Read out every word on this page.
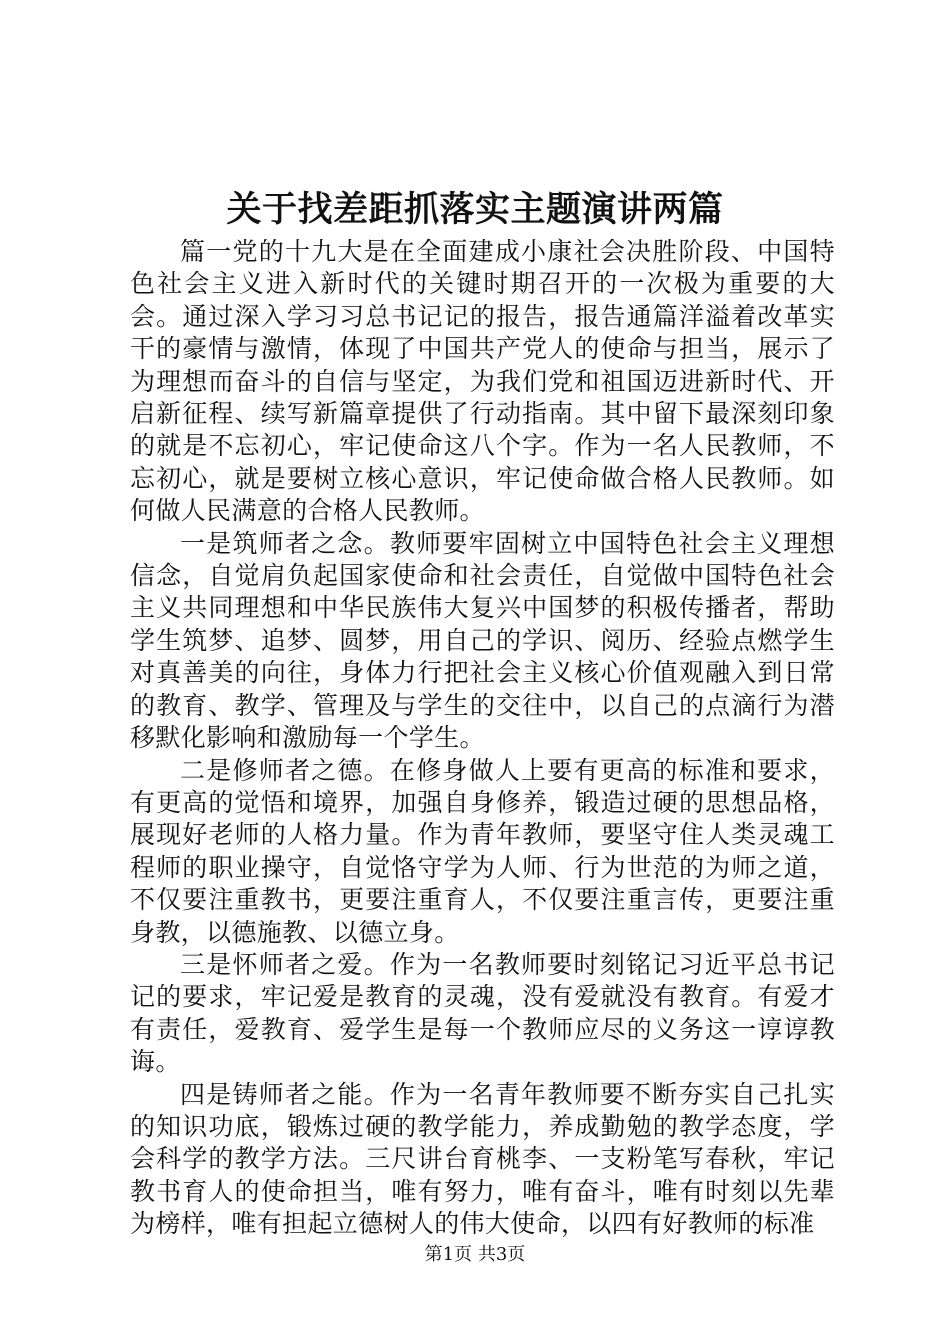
关于找差距抓落实主题演讲两篇

篇一党的十九大是在全面建成小康社会决胜阶段、中国特色社会主义进入新时代的关键时期召开的一次极为重要的大会。通过深入学习习总书记记的报告，报告通篇洋溢着改革实干的豪情与激情，体现了中国共产党人的使命与担当，展示了为理想而奋斗的自信与坚定，为我们党和祖国迈进新时代、开启新征程、续写新篇章提供了行动指南。其中留下最深刻印象的就是不忘初心，牢记使命这八个字。作为一名人民教师，不忘初心，就是要树立核心意识，牢记使命做合格人民教师。如何做人民满意的合格人民教师。

一是筑师者之念。教师要牢固树立中国特色社会主义理想信念，自觉肩负起国家使命和社会责任，自觉做中国特色社会主义共同理想和中华民族伟大复兴中国梦的积极传播者，帮助学生筑梦、追梦、圆梦，用自己的学识、阅历、经验点燃学生对真善美的向往，身体力行把社会主义核心价值观融入到日常的教育、教学、管理及与学生的交往中，以自己的点滴行为潜移默化影响和激励每一个学生。

二是修师者之德。在修身做人上要有更高的标准和要求，有更高的觉悟和境界，加强自身修养，锻造过硬的思想品格，展现好老师的人格力量。作为青年教师，要坚守住人类灵魂工程师的职业操守，自觉恪守学为人师、行为世范的为师之道，不仅要注重教书，更要注重育人，不仅要注重言传，更要注重身教，以德施教、以德立身。

三是怀师者之爱。作为一名教师要时刻铭记习近平总书记记的要求，牢记爱是教育的灵魂，没有爱就没有教育。有爱才有责任，爱教育、爱学生是每一个教师应尽的义务这一谆谆教诲。

四是铸师者之能。作为一名青年教师要不断夯实自己扎实的知识功底，锻炼过硬的教学能力，养成勤勉的教学态度，学会科学的教学方法。三尺讲台育桃李、一支粉笔写春秋，牢记教书育人的使命担当，唯有努力，唯有奋斗，唯有时刻以先辈为榜样，唯有担起立德树人的伟大使命，以四有好教师的标准

第1页 共3页
